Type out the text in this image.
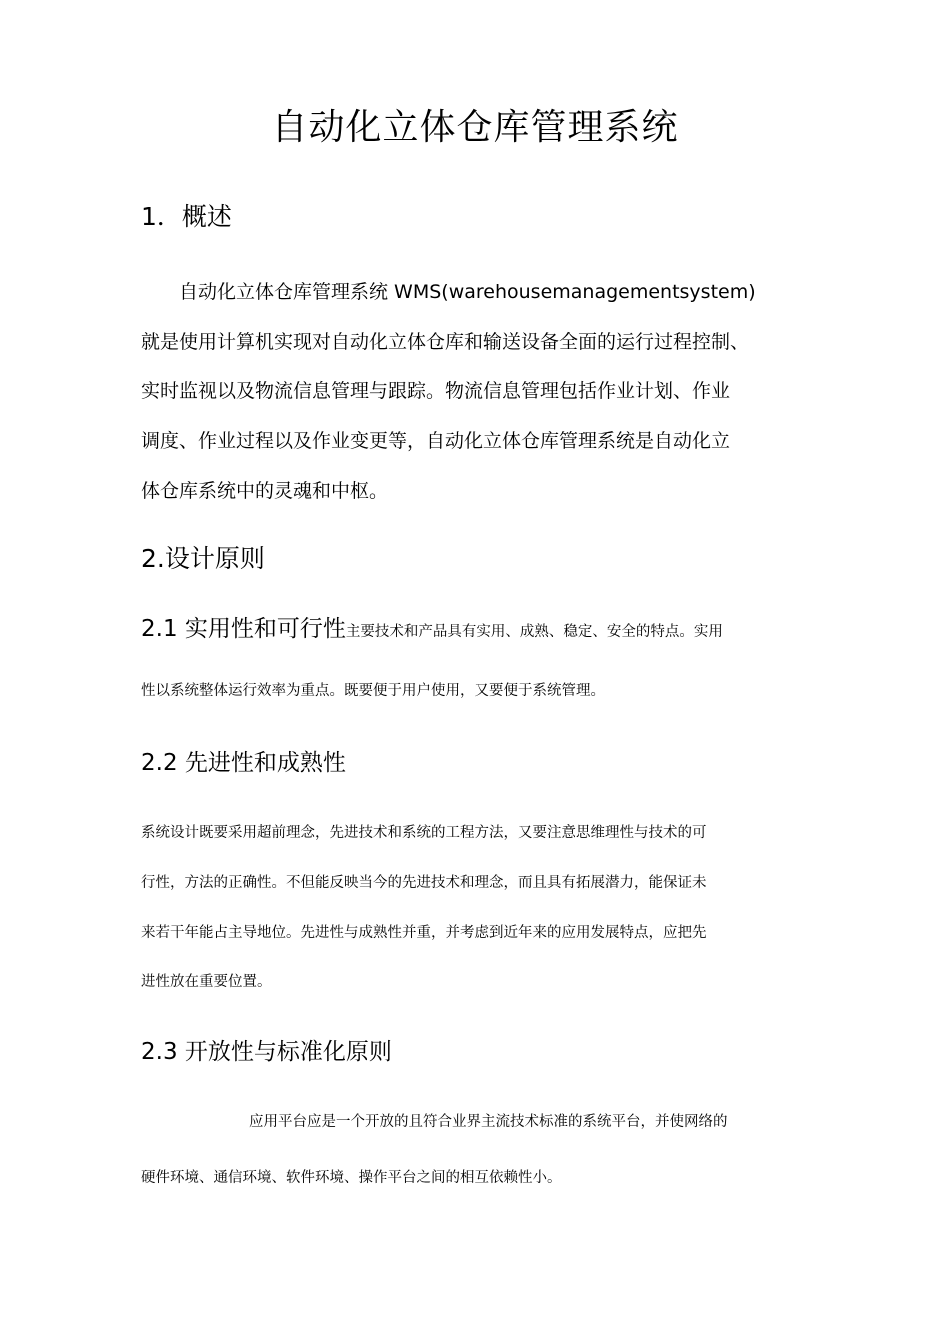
自动化立体仓库管理系统
1．概述
自动化立体仓库管理系统 WMS(warehousemanagementsystem)
就是使用计算机实现对自动化立体仓库和输送设备全面的运行过程控制、
实时监视以及物流信息管理与跟踪。物流信息管理包括作业计划、作业
调度、作业过程以及作业变更等，自动化立体仓库管理系统是自动化立
体仓库系统中的灵魂和中枢。
2.设计原则
2.1 实用性和可行性主要技术和产品具有实用、成熟、稳定、安全的特点。实用
性以系统整体运行效率为重点。既要便于用户使用，又要便于系统管理。
2.2 先进性和成熟性
系统设计既要采用超前理念，先进技术和系统的工程方法，又要注意思维理性与技术的可
行性，方法的正确性。不但能反映当今的先进技术和理念，而且具有拓展潜力，能保证未
来若干年能占主导地位。先进性与成熟性并重，并考虑到近年来的应用发展特点，应把先
进性放在重要位置。
2.3 开放性与标准化原则
应用平台应是一个开放的且符合业界主流技术标准的系统平台，并使网络的
硬件环境、通信环境、软件环境、操作平台之间的相互依赖性小。
